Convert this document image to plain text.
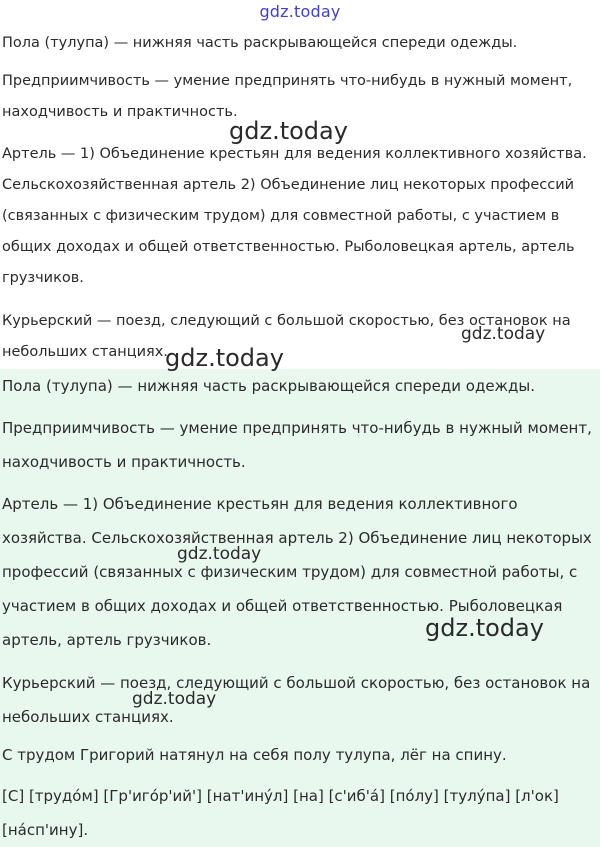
gdz.today

Пола (тулупа) — нижняя часть раскрывающейся спереди одежды.

Предприимчивость — умение предпринять что-нибудь в нужный момент, находчивость и практичность.

Артель — 1) Объединение крестьян для ведения коллективного хозяйства. Сельскохозяйственная артель 2) Объединение лиц некоторых профессий (связанных с физическим трудом) для совместной работы, с участием в общих доходах и общей ответственностью. Рыболовецкая артель, артель грузчиков.

Курьерский — поезд, следующий с большой скоростью, без остановок на небольших станциях.

Пола (тулупа) — нижняя часть раскрывающейся спереди одежды.

Предприимчивость — умение предпринять что-нибудь в нужный момент, находчивость и практичность.

Артель — 1) Объединение крестьян для ведения коллективного хозяйства. Сельскохозяйственная артель 2) Объединение лиц некоторых профессий (связанных с физическим трудом) для совместной работы, с участием в общих доходах и общей ответственностью. Рыболовецкая артель, артель грузчиков.

Курьерский — поезд, следующий с большой скоростью, без остановок на небольших станциях.

С трудом Григорий натянул на себя полу тулупа, лёг на спину.

[С] [трудо́м] [Гр'иго́р'ий'] [нат'ину́л] [на] [с'иб'а́] [по́лу] [тулу́па] [л'ок] [на́сп'ину].

gdz.today
gdz.today
gdz.today
gdz.today
gdz.today
gdz.today
